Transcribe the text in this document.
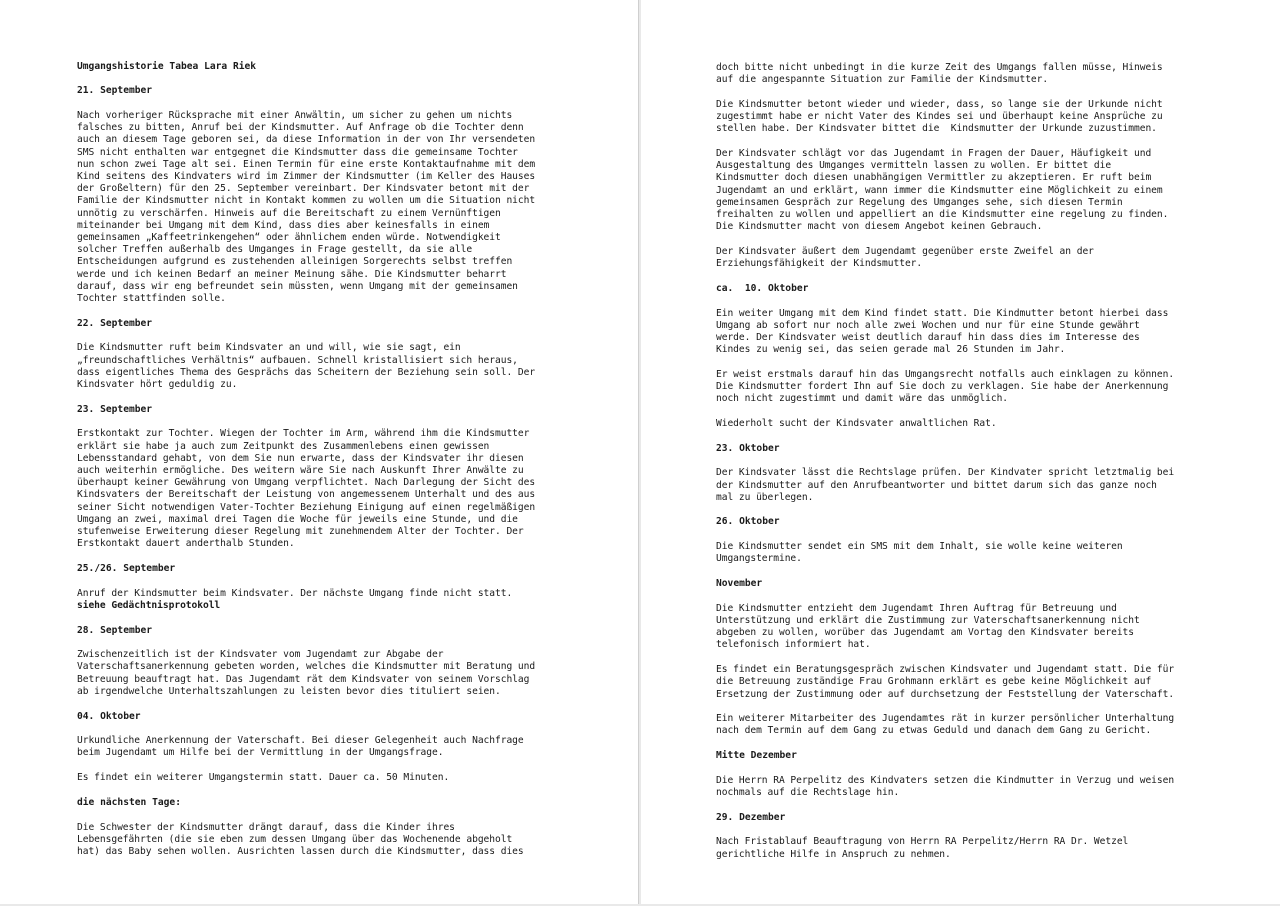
Umgangshistorie Tabea Lara Riek
21. September
Nach vorheriger Rücksprache mit einer Anwältin, um sicher zu gehen um nichts
falsches zu bitten, Anruf bei der Kindsmutter. Auf Anfrage ob die Tochter denn
auch an diesem Tage geboren sei, da diese Information in der von Ihr versendeten
SMS nicht enthalten war entgegnet die Kindsmutter dass die gemeinsame Tochter
nun schon zwei Tage alt sei. Einen Termin für eine erste Kontaktaufnahme mit dem
Kind seitens des Kindvaters wird im Zimmer der Kindsmutter (im Keller des Hauses
der Großeltern) für den 25. September vereinbart. Der Kindsvater betont mit der
Familie der Kindsmutter nicht in Kontakt kommen zu wollen um die Situation nicht
unnötig zu verschärfen. Hinweis auf die Bereitschaft zu einem Vernünftigen
miteinander bei Umgang mit dem Kind, dass dies aber keinesfalls in einem
gemeinsamen „Kaffeetrinkengehen“ oder ähnlichem enden würde. Notwendigkeit
solcher Treffen außerhalb des Umganges in Frage gestellt, da sie alle
Entscheidungen aufgrund es zustehenden alleinigen Sorgerechts selbst treffen
werde und ich keinen Bedarf an meiner Meinung sähe. Die Kindsmutter beharrt
darauf, dass wir eng befreundet sein müssten, wenn Umgang mit der gemeinsamen
Tochter stattfinden solle.
22. September
Die Kindsmutter ruft beim Kindsvater an und will, wie sie sagt, ein
„freundschaftliches Verhältnis“ aufbauen. Schnell kristallisiert sich heraus,
dass eigentliches Thema des Gesprächs das Scheitern der Beziehung sein soll. Der
Kindsvater hört geduldig zu.
23. September
Erstkontakt zur Tochter. Wiegen der Tochter im Arm, während ihm die Kindsmutter
erklärt sie habe ja auch zum Zeitpunkt des Zusammenlebens einen gewissen
Lebensstandard gehabt, von dem Sie nun erwarte, dass der Kindsvater ihr diesen
auch weiterhin ermögliche. Des weitern wäre Sie nach Auskunft Ihrer Anwälte zu
überhaupt keiner Gewährung von Umgang verpflichtet. Nach Darlegung der Sicht des
Kindsvaters der Bereitschaft der Leistung von angemessenem Unterhalt und des aus
seiner Sicht notwendigen Vater-Tochter Beziehung Einigung auf einen regelmäßigen
Umgang an zwei, maximal drei Tagen die Woche für jeweils eine Stunde, und die
stufenweise Erweiterung dieser Regelung mit zunehmendem Alter der Tochter. Der
Erstkontakt dauert anderthalb Stunden.
25./26. September
Anruf der Kindsmutter beim Kindsvater. Der nächste Umgang finde nicht statt.
siehe Gedächtnisprotokoll
28. September
Zwischenzeitlich ist der Kindsvater vom Jugendamt zur Abgabe der
Vaterschaftsanerkennung gebeten worden, welches die Kindsmutter mit Beratung und
Betreuung beauftragt hat. Das Jugendamt rät dem Kindsvater von seinem Vorschlag
ab irgendwelche Unterhaltszahlungen zu leisten bevor dies tituliert seien.
04. Oktober
Urkundliche Anerkennung der Vaterschaft. Bei dieser Gelegenheit auch Nachfrage
beim Jugendamt um Hilfe bei der Vermittlung in der Umgangsfrage.
Es findet ein weiterer Umgangstermin statt. Dauer ca. 50 Minuten.
die nächsten Tage:
Die Schwester der Kindsmutter drängt darauf, dass die Kinder ihres
Lebensgefährten (die sie eben zum dessen Umgang über das Wochenende abgeholt
hat) das Baby sehen wollen. Ausrichten lassen durch die Kindsmutter, dass dies
doch bitte nicht unbedingt in die kurze Zeit des Umgangs fallen müsse, Hinweis
auf die angespannte Situation zur Familie der Kindsmutter.
Die Kindsmutter betont wieder und wieder, dass, so lange sie der Urkunde nicht
zugestimmt habe er nicht Vater des Kindes sei und überhaupt keine Ansprüche zu
stellen habe. Der Kindsvater bittet die  Kindsmutter der Urkunde zuzustimmen.
Der Kindsvater schlägt vor das Jugendamt in Fragen der Dauer, Häufigkeit und
Ausgestaltung des Umganges vermitteln lassen zu wollen. Er bittet die
Kindsmutter doch diesen unabhängigen Vermittler zu akzeptieren. Er ruft beim
Jugendamt an und erklärt, wann immer die Kindsmutter eine Möglichkeit zu einem
gemeinsamen Gespräch zur Regelung des Umganges sehe, sich diesen Termin
freihalten zu wollen und appelliert an die Kindsmutter eine regelung zu finden.
Die Kindsmutter macht von diesem Angebot keinen Gebrauch.
Der Kindsvater äußert dem Jugendamt gegenüber erste Zweifel an der
Erziehungsfähigkeit der Kindsmutter.
ca.  10. Oktober
Ein weiter Umgang mit dem Kind findet statt. Die Kindmutter betont hierbei dass
Umgang ab sofort nur noch alle zwei Wochen und nur für eine Stunde gewährt
werde. Der Kindsvater weist deutlich darauf hin dass dies im Interesse des
Kindes zu wenig sei, das seien gerade mal 26 Stunden im Jahr.
Er weist erstmals darauf hin das Umgangsrecht notfalls auch einklagen zu können.
Die Kindsmutter fordert Ihn auf Sie doch zu verklagen. Sie habe der Anerkennung
noch nicht zugestimmt und damit wäre das unmöglich.
Wiederholt sucht der Kindsvater anwaltlichen Rat.
23. Oktober
Der Kindsvater lässt die Rechtslage prüfen. Der Kindvater spricht letztmalig bei
der Kindsmutter auf den Anrufbeantworter und bittet darum sich das ganze noch
mal zu überlegen.
26. Oktober
Die Kindsmutter sendet ein SMS mit dem Inhalt, sie wolle keine weiteren
Umgangstermine.
November
Die Kindsmutter entzieht dem Jugendamt Ihren Auftrag für Betreuung und
Unterstützung und erklärt die Zustimmung zur Vaterschaftsanerkennung nicht
abgeben zu wollen, worüber das Jugendamt am Vortag den Kindsvater bereits
telefonisch informiert hat.
Es findet ein Beratungsgespräch zwischen Kindsvater und Jugendamt statt. Die für
die Betreuung zuständige Frau Grohmann erklärt es gebe keine Möglichkeit auf
Ersetzung der Zustimmung oder auf durchsetzung der Feststellung der Vaterschaft.
Ein weiterer Mitarbeiter des Jugendamtes rät in kurzer persönlicher Unterhaltung
nach dem Termin auf dem Gang zu etwas Geduld und danach dem Gang zu Gericht.
Mitte Dezember
Die Herrn RA Perpelitz des Kindvaters setzen die Kindmutter in Verzug und weisen
nochmals auf die Rechtslage hin.
29. Dezember
Nach Fristablauf Beauftragung von Herrn RA Perpelitz/Herrn RA Dr. Wetzel
gerichtliche Hilfe in Anspruch zu nehmen.
